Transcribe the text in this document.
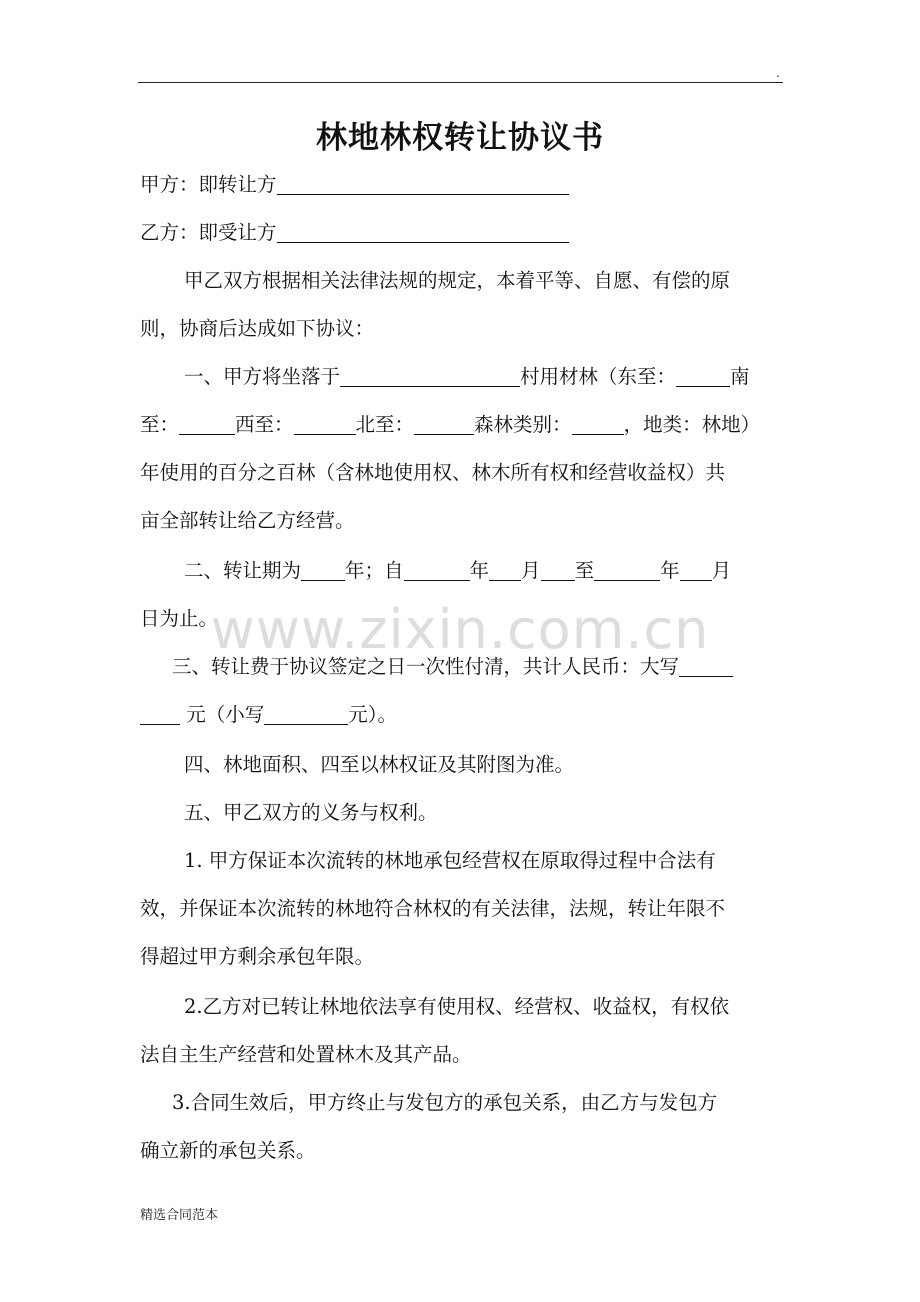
.
林地林权转让协议书
甲方：即转让方
乙方：即受让方
甲乙双方根据相关法律法规的规定，本着平等、自愿、有偿的原
则，协商后达成如下协议：
一、甲方将坐落于	村用材林（东至：	南
至：	西至：	北至：	森林类别：	，地类：林地）
年使用的百分之百林（含林地使用权、林木所有权和经营收益权）共
亩全部转让给乙方经营。
二、转让期为 年；自	年 月 至	年 月
日为止。
www.zixin.com.cn
三、转让费于协议签定之日一次性付清，共计人民币：大写
元（小写	元）。
四、林地面积、四至以林权证及其附图为准。
五、甲乙双方的义务与权利。
1. 甲方保证本次流转的林地承包经营权在原取得过程中合法有
效，并保证本次流转的林地符合林权的有关法律，法规，转让年限不
得超过甲方剩余承包年限。
2.乙方对已转让林地依法享有使用权、经营权、收益权，有权依
法自主生产经营和处置林木及其产品。
3.合同生效后，甲方终止与发包方的承包关系，由乙方与发包方
确立新的承包关系。
精选合同范本
